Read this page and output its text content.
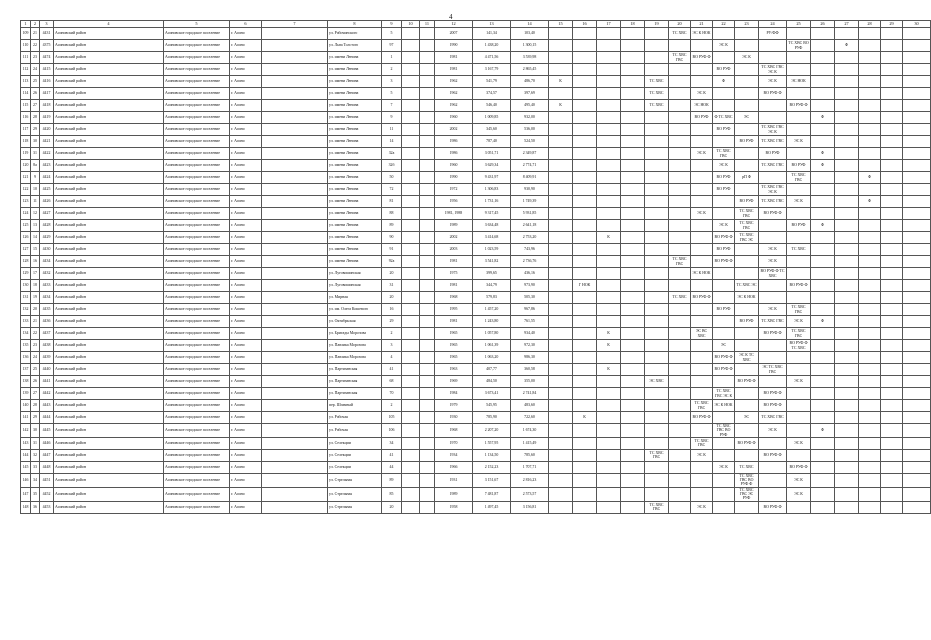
4
1	2	3	4	5	6	7	8	9	10	11	12	13	14	15	16	17	18	19	20	21	22	23	24	25	26	27	28	29	30
109	21	4431	Асиновский район	Асиновское городское поселение	г. Асино		ул. Рабочинского	5			2007	141,34	103,40						ТС ХВС	ЭС К НОК			РУ/ФФ						
110	22	4375	Асиновский район	Асиновское городское поселение	г. Асино		ул. Льва Толстого	97			1990	1 438,20	1 300,15								ЭС К			ТС ХВС ВО РУФ		Ф			
111	23	4474	Асиновский район	Асиновское городское поселение	г. Асино		ул. имени Ленина	1			1981	4 471,56	3 539,98						ТС ХВС ГВС	ВО РУФ Ф		ЭС К							
112	24	4415	Асиновский район	Асиновское городское поселение	г. Асино		ул. имени Ленина	2			1981	3 167,79	2 865,45								ВО РУФ		ТС ХВС ГВС ЭС К						
113	25	4416	Асиновский район	Асиновское городское поселение	г. Асино		ул. имени Ленина	3			1962	541,79	486,70	К				ТС ХВС			Ф		ЭС К	ЭС НОК					
114	26	4417	Асиновский район	Асиновское городское поселение	г. Асино		ул. имени Ленина	5			1962	374,57	397,69					ТС ХВС		ЭС К			ВО РУФ Ф						
115	27	4418	Асиновский район	Асиновское городское поселение	г. Асино		ул. имени Ленина	7			1962	546,40	495,40	К				ТС ХВС		ЭС НОК				ВО РУФ Ф					
116	28	4419	Асиновский район	Асиновское городское поселение	г. Асино		ул. имени Ленина	9			1960	1 009,85	932,00							ВО РУФ	Ф ТС ХВС	ЭС			Ф				
117	29	4420	Асиновский район	Асиновское городское поселение	г. Асино		ул. имени Ленина	11			2002	345,60	536,00								ВО РУФ		ТС ХВС ГВС ЭС К						
118	30	4421	Асиновский район	Асиновское городское поселение	г. Асино		ул. имени Ленина	14			1986	787,40	524,50									ВО РУФ	ТС ХВС ГВС	ЭС К					
119	31	4422	Асиновский район	Асиновское городское поселение	г. Асино		ул. имени Ленина	32а			1986	3 051,71	2 349,87							ЭС К	ТС ХВС ГВС		ВО РУФ		Ф				
120	8а	4423	Асиновский район	Асиновское городское поселение	г. Асино		ул. имени Ленина	32б			1960	3 629,34	2 774,71								ЭС К		ТС ХВС ГВС	ВО РУФ	Ф				
121	9	4424	Асиновский район	Асиновское городское поселение	г. Асино		ул. имени Ленина	50			1990	9 431,97	8 409,91								ВО РУФ	рП Ф		ТС ХВС ГВС			Ф		
122	10	4425	Асиновский район	Асиновское городское поселение	г. Асино		ул. имени Ленина	72			1972	1 306,83	930,90								ВО РУФ		ТС ХВС ГВС ЭС К						
123	11	4426	Асиновский район	Асиновское городское поселение	г. Асино		ул. имени Ленина	81			1956	1 731,16	1 749,39									ВО РУФ	ТС ХВС ГВС	ЭС К			Ф		
124	12	4427	Асиновский район	Асиновское городское поселение	г. Асино		ул. имени Ленина	88			1981, 1988	9 317,45	5 931,85							ЭС К		ТС ХВС ГВС	ВО РУФ Ф						
125	13	4428	Асиновский район	Асиновское городское поселение	г. Асино		ул. имени Ленина	89			1989	3 634,48	2 641,18								ЭС К	ТС ХВС ГВС		ВО РУФ	Ф				
126	14	4429	Асиновский район	Асиновское городское поселение	г. Асино		ул. имени Ленина	90			2002	3 414,68	2 753,20			К					ВО РУФ Ф	ТС ХВС ГВС ЭС							
127	15	4430	Асиновский район	Асиновское городское поселение	г. Асино		ул. имени Ленина	91			2003	1 023,59	743,96								ВО РУФ		ЭС К	ТС ХВС					
128	16	4434	Асиновский район	Асиновское городское поселение	г. Асино		ул. имени Ленина	92а			1981	3 541,82	2 736,76						ТС ХВС ГВС		ВО РУФ Ф		ЭС К						
129	17	4432	Асиновский район	Асиновское городское поселение	г. Асино		ул. Луговошинская	20			1975	399,65	436,16							ЭС К НОК			ВО РУФ Ф ТС ХВС						
130	18	4433	Асиновский район	Асиновское городское поселение	г. Асино		ул. Луговошинская	31			1981	344,79	973,90		Г НОК							ТС ХВС ЭС		ВО РУФ Ф					
131	19	4434	Асиновский район	Асиновское городское поселение	г. Асино		ул. Мирная	20			1968	579,83	505,30						ТС ХВС	ВО РУФ Ф		ЭС К НОК							
132	20	4435	Асиновский район	Асиновское городское поселение	г. Асино		ул. им. Олега Кошевого	16			1995	1 457,20	967,86								ВО РУФ		ЭС К	ТС ХВС ГВС					
133	21	4436	Асиновский район	Асиновское городское поселение	г. Асино		ул. Октябрьская	29			1981	1 243,80	761,55									ВО РУФ	ТС ХВС ГВС	ЭС К	Ф				
134	22	4437	Асиновский район	Асиновское городское поселение	г. Асино		ул. Бригады Морозова	2			1965	1 057,80	934,40			К				ЭС ВС ХВС			ВО РУФ Ф	ТС ХВС ГВС					
135	23	4438	Асиновский район	Асиновское городское поселение	г. Асино		ул. Павлика Морозова	3			1965	1 061,39	972,30			К					ЭС			ВО РУФ Ф ТС ХВС					
136	24	4439	Асиновский район	Асиновское городское поселение	г. Асино		ул. Павлика Морозова	4			1965	1 063,20	986,30								ВО РУФ Ф	ЭС К ТС ХВС							
137	25	4440	Асиновский район	Асиновское городское поселение	г. Асино		ул. Партизанская	41			1963	407,77	360,58			К					ВО РУФ Ф		ЭС ТС ХВС ГВС						
138	26	4441	Асиновский район	Асиновское городское поселение	г. Асино		ул. Партизанская	68			1969	484,50	355,00					ЭС ХВС				ВО РУФ Ф		ЭС К					
139	27	4442	Асиновский район	Асиновское городское поселение	г. Асино		ул. Партизанская	70			1984	3 673,41	2 741,84								ТС ХВС ГВС ЭС К		ВО РУФ Ф						
140	28	4443	Асиновский район	Асиновское городское поселение	г. Асино		пер. Шпачный	2			1979	545,95	483,60							ТС ХВС ГВС	ЭС К НОК		ВО РУФ Ф						
141	29	4444	Асиновский район	Асиновское городское поселение	г. Асино		ул. Рабочая	105			1930	785,90	722,60		К					ВО РУФ Ф		ЭС	ТС ХВС ГВС						
142	30	4445	Асиновский район	Асиновское городское поселение	г. Асино		ул. Рабочая	106			1968	2 207,20	1 674,30								ТС ХВС ГВС ВО РУФ		ЭС К		Ф				
143	31	4446	Асиновский район	Асиновское городское поселение	г. Асино		ул. Селекции	34			1970	1 557,95	1 415,49							ТС ХВС ГВС		ВО РУФ Ф		ЭС К					
144	32	4447	Асиновский район	Асиновское городское поселение	г. Асино		ул. Селекции	41			1934	1 134,50	785,60					ТС ХВС ГВС		ЭС К			ВО РУФ Ф						
145	33	4448	Асиновский район	Асиновское городское поселение	г. Асино		ул. Селекции	44			1966	2 152,23	1 707,71								ЭС К	ТС ХВС		ВО РУФ Ф					
146	34	4451	Асиновский район	Асиновское городское поселение	г. Асино		ул. Стрельная	89			1931	3 151,67	2 816,23									ТС ХВС ГВС ВО РУФ Ф		ЭС К					
147	35	4452	Асиновский район	Асиновское городское поселение	г. Асино		ул. Стрельная	85			1989	7 481,87	2 573,57									ТС ХВС ГВС ЭС РУФ		ЭС К					
148	36	4453	Асиновский район	Асиновское городское поселение	г. Асино		ул. Стрельная	20			1958	1 497,45	3 156,81					ТС ХВС ГВС		ЭС К			ВО РУФ Ф						
